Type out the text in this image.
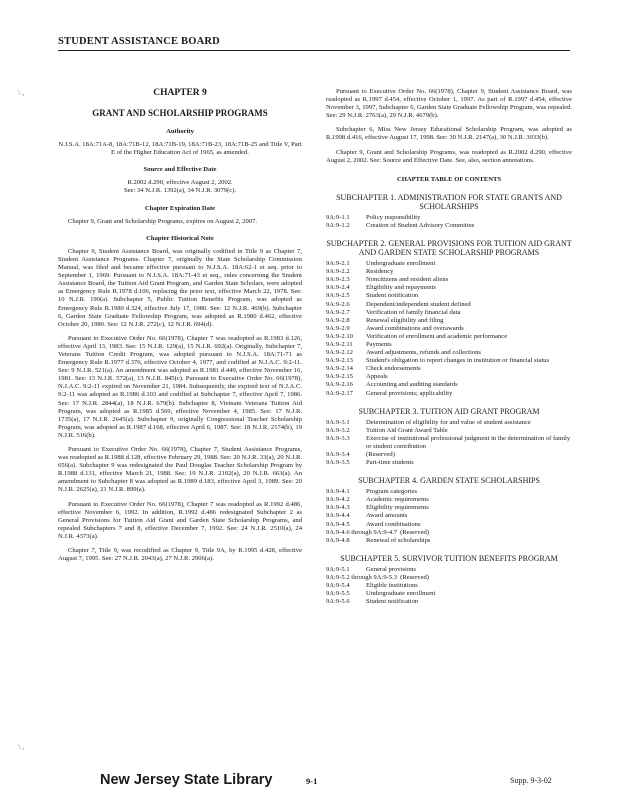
STUDENT ASSISTANCE BOARD
\ ,
\ ,
CHAPTER 9
GRANT AND SCHOLARSHIP PROGRAMS
Authority
N.J.S.A. 18A:71A-8, 18A:71B-12, 18A:71B-19, 18A:71B-23, 18A:71B-25 and Title V, Part E of the Higher Education Act of 1965, as amended.
Source and Effective Date
R.2002 d.290, effective August 2, 2002.
See: 34 N.J.R. 1392(a), 34 N.J.R. 3079(c).
Chapter Expiration Date

Chapter 9, Grant and Scholarship Programs, expires on August 2, 2007.

Chapter Historical Note

Chapter 9, Student Assistance Board, was originally codified in Title 9 as Chapter 7, Student Assistance Programs. Chapter 7, originally the State Scholarship Commission Manual, was filed and became effective pursuant to N.J.S.A. 18A:62-1 et seq. prior to September 1, 1969. Pursuant to N.J.S.A. 18A:71-43 et seq., rules concerning the Student Assistance Board, the Tuition Aid Grant Program, and Garden State Scholars, were adopted as Emergency Rule R.1978 d.106, replacing the prior text, effective March 22, 1978. See: 10 N.J.R. 190(a). Subchapter 5, Public Tuition Benefits Program, was adopted as Emergency Rule R.1980 d.324, effective July 17, 1980. See: 12 N.J.R. 469(b). Subchapter 6, Garden State Graduate Fellowship Program, was adopted as R.1980 d.462, effective October 20, 1980. See: 12 N.J.R. 272(c), 12 N.J.R. 694(d).

Pursuant to Executive Order No. 66(1978), Chapter 7 was readopted as R.1983 d.126, effective April 13, 1983. See: 15 N.J.R. 129(a), 15 N.J.R. 692(a). Originally, Subchapter 7, Veterans Tuition Credit Program, was adopted pursuant to N.J.S.A. 18A:71-71 as Emergency Rule R.1977 d.376, effective October 4, 1977, and codified at N.J.A.C. 9:2-11. See: 9 N.J.R. 521(a). An amendment was adopted as R.1981 d.449, effective November 16, 1981. See: 13 N.J.R. 572(a), 13 N.J.R. 845(c). Pursuant to Executive Order No. 66(1978), N.J.A.C. 9:2-11 expired on November 21, 1984. Subsequently, the expired text of N.J.A.C. 9:2-11 was adopted as R.1986 d.103 and codified at Subchapter 7, effective April 7, 1986. See: 17 N.J.R. 2844(a), 18 N.J.R. 679(b). Subchapter 8, Vietnam Veterans Tuition Aid Program, was adopted as R.1985 d.569, effective November 4, 1985. See: 17 N.J.R. 1735(a), 17 N.J.R. 2645(a). Subchapter 9, originally Congressional Teacher Scholarship Program, was adopted as R.1987 d.168, effective April 6, 1987. See: 18 N.J.R. 2174(b), 19 N.J.R. 516(b).

Pursuant to Executive Order No. 66(1978), Chapter 7, Student Assistance Programs, was readopted as R.1988 d.128, effective February 29, 1988. See: 20 N.J.R. 33(a), 20 N.J.R. 656(a). Subchapter 9 was redesignated the Paul Douglas Teacher Scholarship Program by R.1988 d.131, effective March 21, 1988. See: 19 N.J.R. 2102(a), 20 N.J.R. 663(a). An amendment to Subchapter 8 was adopted as R.1989 d.183, effective April 3, 1989. See: 20 N.J.R. 2625(a), 21 N.J.R. 899(a).

Pursuant to Executive Order No. 66(1978), Chapter 7 was readopted as R.1992 d.486, effective November 6, 1992. In addition, R.1992 d.486 redesignated Subchapter 2 as General Provisions for Tuition Aid Grant and Garden State Scholarship Programs, and repealed Subchapters 7 and 8, effective December 7, 1992. See: 24 N.J.R. 2510(a), 24 N.J.R. 4373(a).

Chapter 7, Title 9, was recodified as Chapter 9, Title 9A, by R.1995 d.428, effective August 7, 1995. See: 27 N.J.R. 2043(a), 27 N.J.R. 2906(a).

Pursuant to Executive Order No. 66(1978), Chapter 9, Student Assistance Board, was readopted as R.1997 d.454, effective October 1, 1997. As part of R.1997 d.454, effective November 3, 1997, Subchapter 6, Garden State Graduate Fellowship Program, was repealed. See: 29 N.J.R. 2763(a), 29 N.J.R. 4679(b).

Subchapter 6, Miss New Jersey Educational Scholarship Program, was adopted as R.1998 d.416, effective August 17, 1998. See: 30 N.J.R. 2147(a), 30 N.J.R. 3033(b).

Chapter 9, Grant and Scholarship Programs, was readopted as R.2002 d.290, effective August 2, 2002. See: Source and Effective Date. See, also, section annotations.

CHAPTER TABLE OF CONTENTS
SUBCHAPTER 1. ADMINISTRATION FOR STATE GRANTS AND SCHOLARSHIPS
9A:9-1.1	Policy responsibility
9A:9-1.2	Creation of Student Advisory Committee
SUBCHAPTER 2. GENERAL PROVISIONS FOR TUITION AID GRANT AND GARDEN STATE SCHOLARSHIP PROGRAMS
9A:9-2.1	Undergraduate enrollment
9A:9-2.2	Residency
9A:9-2.3	Noncitizens and resident aliens
9A:9-2.4	Eligibility and repayments
9A:9-2.5	Student notification
9A:9-2.6	Dependent/independent student defined
9A:9-2.7	Verification of family financial data
9A:9-2.8	Renewal eligibility and filing
9A:9-2.9	Award combinations and overawards
9A:9-2.10	Verification of enrollment and academic performance
9A:9-2.11	Payments
9A:9-2.12	Award adjustments, refunds and collections
9A:9-2.13	Student's obligation to report changes in institution or financial status
9A:9-2.14	Check endorsements
9A:9-2.15	Appeals
9A:9-2.16	Accounting and auditing standards
9A:9-2.17	General provisions; applicability
SUBCHAPTER 3. TUITION AID GRANT PROGRAM
9A:9-3.1	Determination of eligibility for and value of student assistance
9A:9-3.2	Tuition Aid Grant Award Table
9A:9-3.3	Exercise of institutional professional judgment in the determination of family or student contribution
9A:9-3.4	(Reserved)
9A:9-3.5	Part-time students
SUBCHAPTER 4. GARDEN STATE SCHOLARSHIPS
9A:9-4.1	Program categories
9A:9-4.2	Academic requirements
9A:9-4.3	Eligibility requirements
9A:9-4.4	Award amounts
9A:9-4.5	Award combinations
9A:9-4.6 through 9A:9-4.7 (Reserved)
9A:9-4.8	Renewal of scholarships
SUBCHAPTER 5. SURVIVOR TUITION BENEFITS PROGRAM
9A:9-5.1	General provisions
9A:9-5.2 through 9A:9-5.3 (Reserved)
9A:9-5.4	Eligible institutions
9A:9-5.5	Undergraduate enrollment
9A:9-5.6	Student notification
New Jersey State Library	9-1	Supp. 9-3-02
